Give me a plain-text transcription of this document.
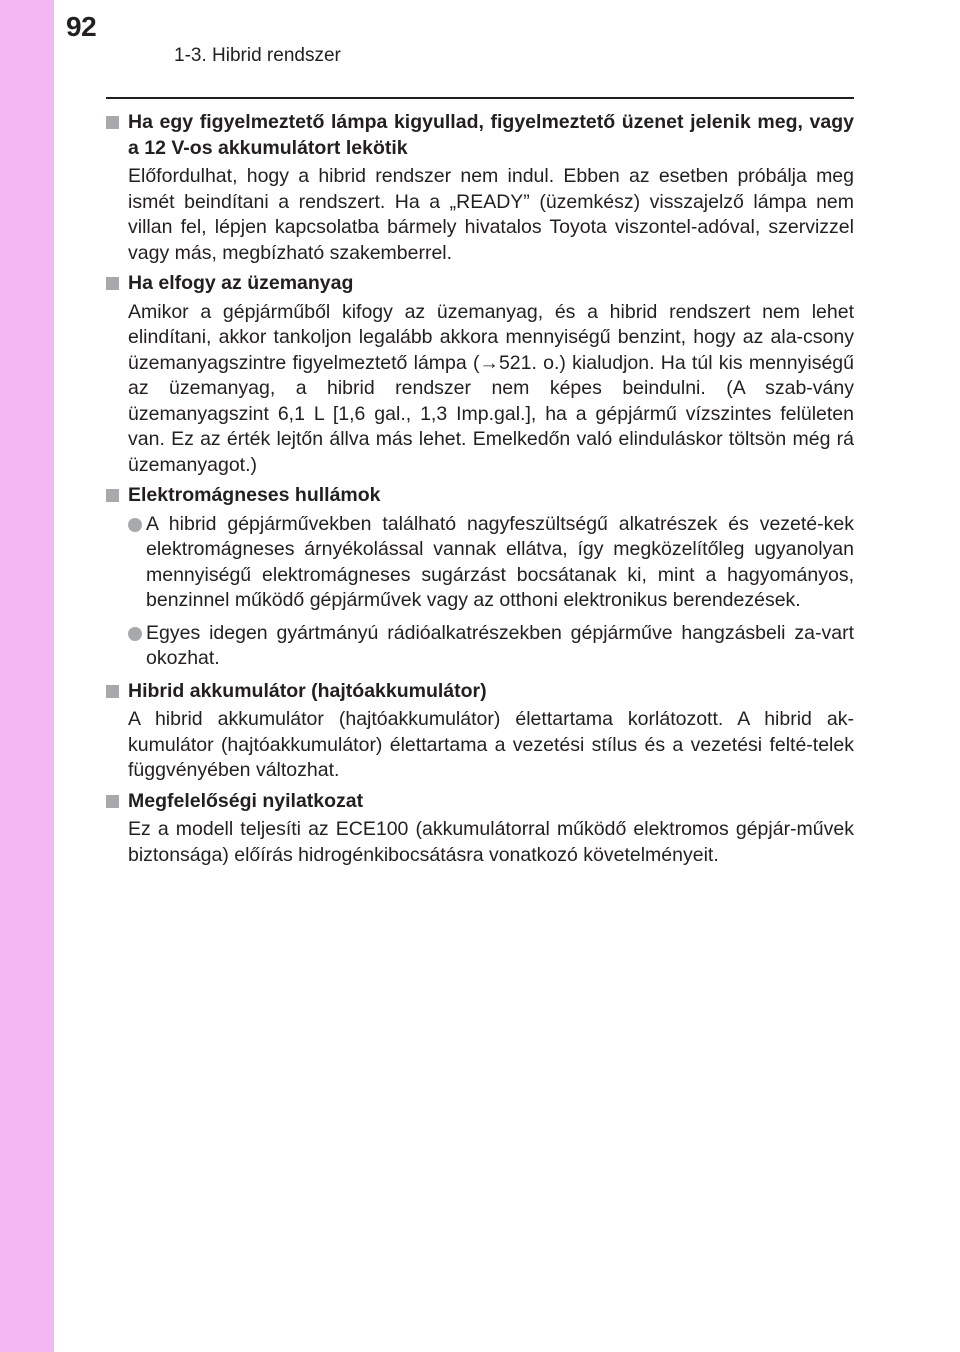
92
1-3. Hibrid rendszer
Ha egy figyelmeztető lámpa kigyullad, figyelmeztető üzenet jelenik meg, vagy a 12 V-os akkumulátort lekötik
Előfordulhat, hogy a hibrid rendszer nem indul. Ebben az esetben próbálja meg ismét beindítani a rendszert. Ha a „READY” (üzemkész) visszajelző lámpa nem villan fel, lépjen kapcsolatba bármely hivatalos Toyota viszontel-adóval, szervizzel vagy más, megbízható szakemberrel.
Ha elfogy az üzemanyag
Amikor a gépjárműből kifogy az üzemanyag, és a hibrid rendszert nem lehet elindítani, akkor tankoljon legalább akkora mennyiségű benzint, hogy az ala-csony üzemanyagszintre figyelmeztető lámpa (→521. o.) kialudjon. Ha túl kis mennyiségű az üzemanyag, a hibrid rendszer nem képes beindulni. (A szab-vány üzemanyagszint 6,1 L [1,6 gal., 1,3 Imp.gal.], ha a gépjármű vízszintes felületen van. Ez az érték lejtőn állva más lehet. Emelkedőn való elinduláskor töltsön még rá üzemanyagot.)
Elektromágneses hullámok
A hibrid gépjárművekben található nagyfeszültségű alkatrészek és vezeté-kek elektromágneses árnyékolással vannak ellátva, így megközelítőleg ugyanolyan mennyiségű elektromágneses sugárzást bocsátanak ki, mint a hagyományos, benzinnel működő gépjárművek vagy az otthoni elektronikus berendezések.
Egyes idegen gyártmányú rádióalkatrészekben gépjárműve hangzásbeli za-vart okozhat.
Hibrid akkumulátor (hajtóakkumulátor)
A hibrid akkumulátor (hajtóakkumulátor) élettartama korlátozott. A hibrid ak-kumulátor (hajtóakkumulátor) élettartama a vezetési stílus és a vezetési felté-telek függvényében változhat.
Megfelelőségi nyilatkozat
Ez a modell teljesíti az ECE100 (akkumulátorral működő elektromos gépjár-művek biztonsága) előírás hidrogénkibocsátásra vonatkozó követelményeit.
